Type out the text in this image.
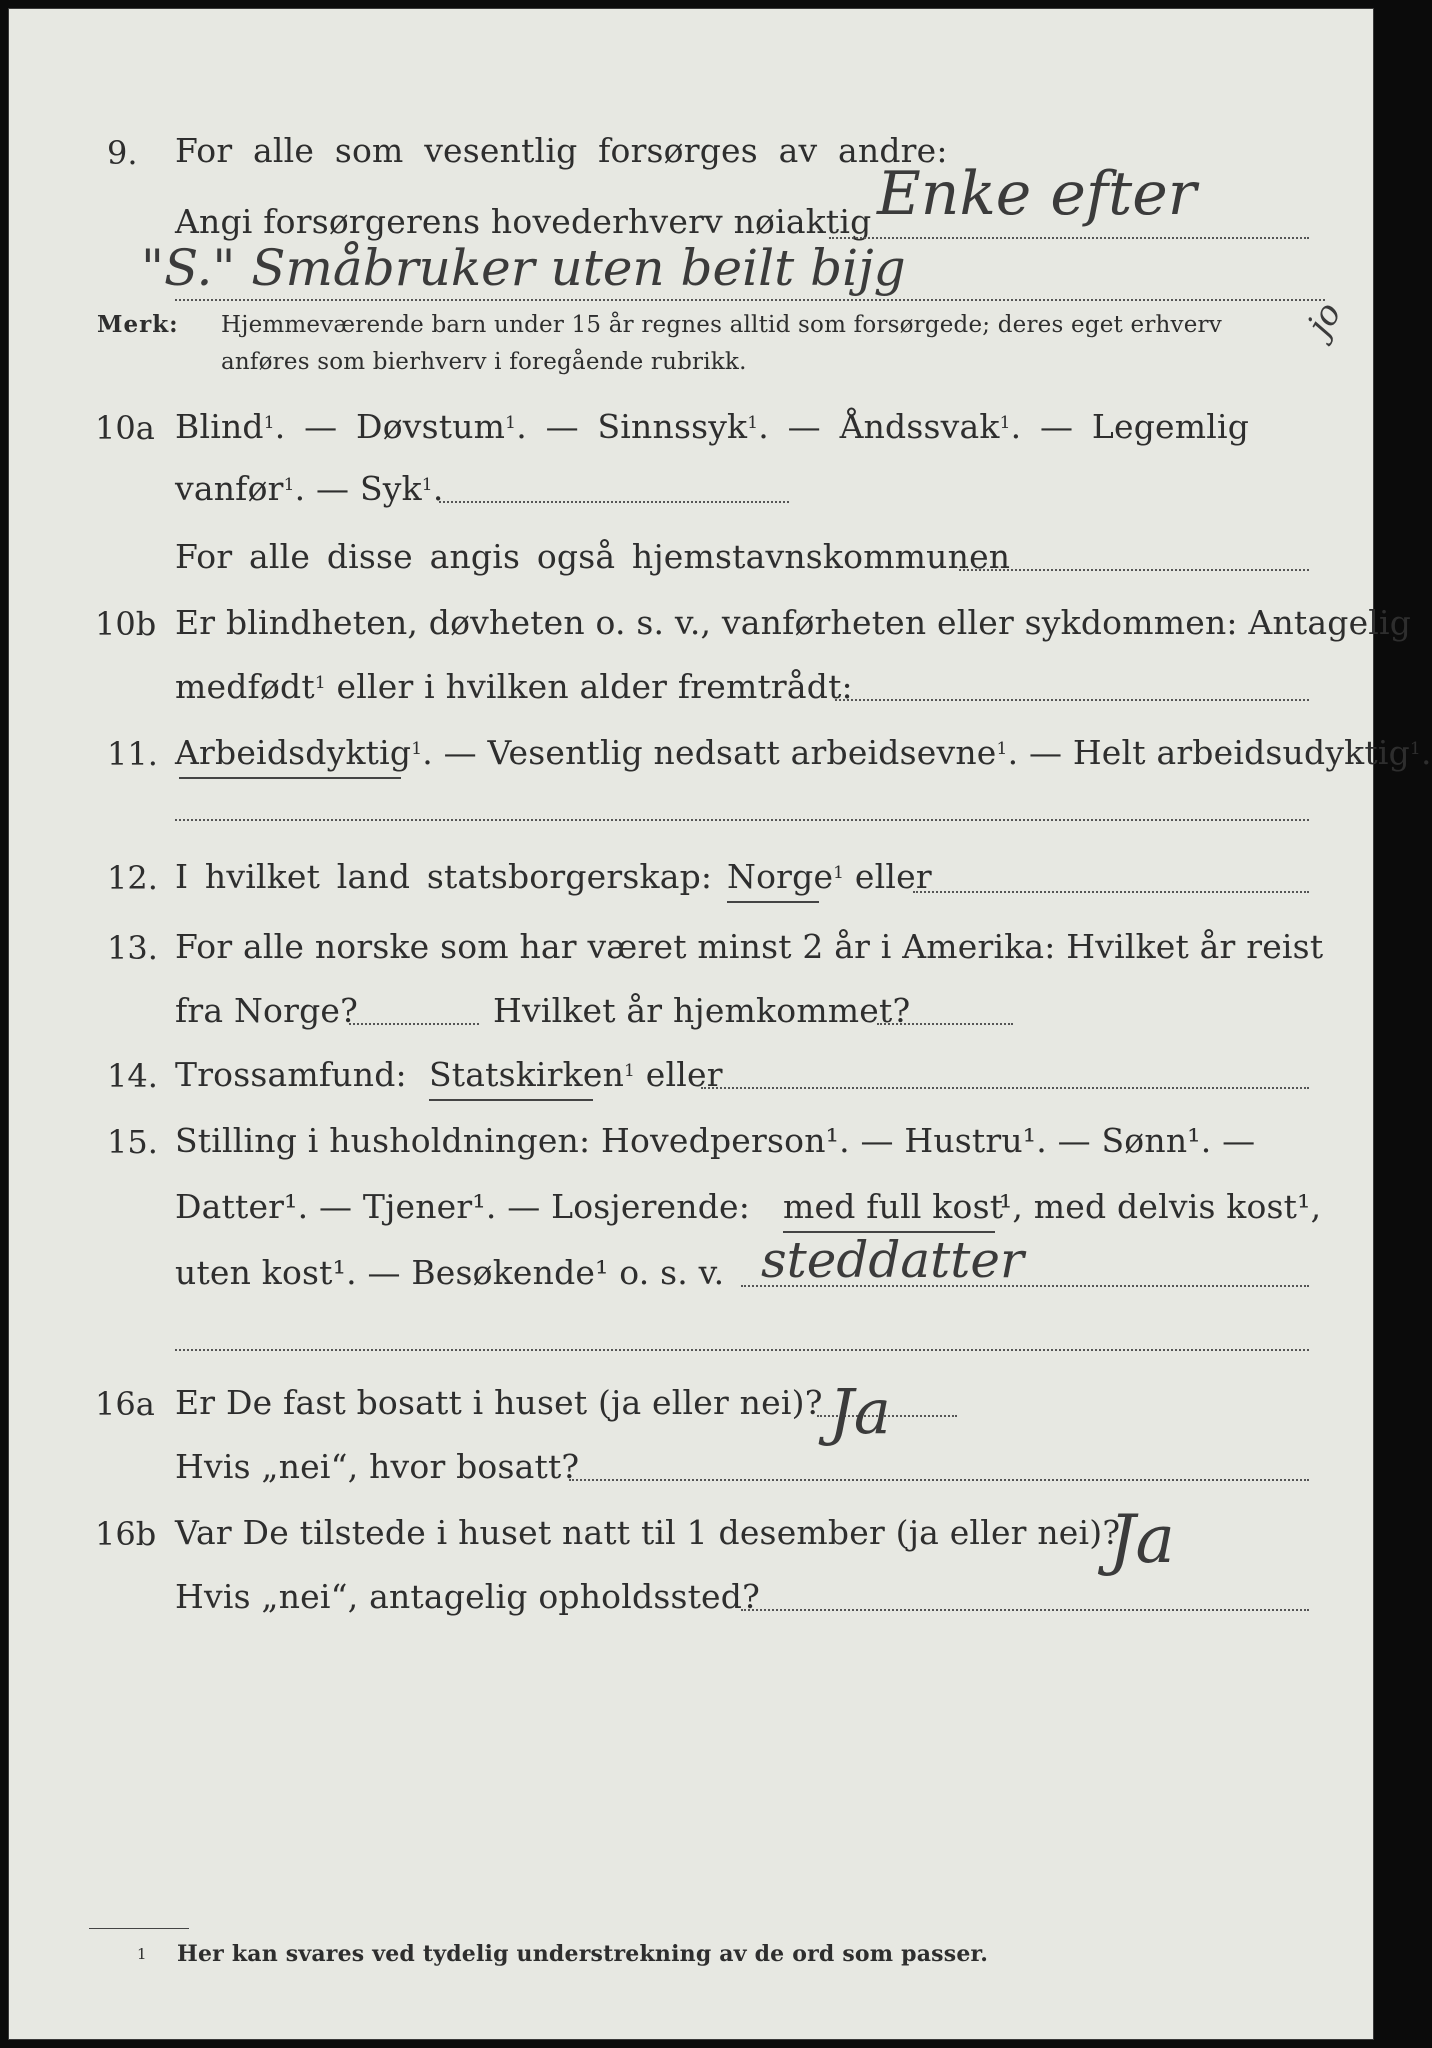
9. For alle som vesentlig forsørges av andre:
Enke efter
Angi forsørgerens hovederhverv nøiaktig
"S." Småbruker uten beilt bijg
jo
Merk: Hjemmeværende barn under 15 år regnes alltid som forsørgede; deres eget erhverv
anføres som bierhverv i foregående rubrikk.
10a Blind$^1$. — Døvstum$^1$. — Sinnssyk$^1$. — Åndssvak$^1$. — Legemlig
vanfør$^1$. — Syk$^1$.
For alle disse angis også hjemstavnskommunen
10b Er blindheten, døvheten o. s. v., vanførheten eller sykdommen: Antagelig
medfødt$^1$ eller i hvilken alder fremtrådt:
11. Arbeidsdyktig$^1$. — Vesentlig nedsatt arbeidsevne$^1$. — Helt arbeidsudyktig$^1$.
12. I hvilket land statsborgerskap: Norge$^1$ eller
13. For alle norske som har været minst 2 år i Amerika: Hvilket år reist
fra Norge?	Hvilket år hjemkommet?
14. Trossamfund: Statskirken$^1$ eller
15. Stilling i husholdningen: Hovedperson¹. — Hustru¹. — Sønn¹. —
Datter¹. — Tjener¹. — Losjerende: med full kost
¹, med delvis kost¹,
uten kost¹. — Besøkende¹ o. s. v. steddatter
16a Er De fast bosatt i huset (ja eller nei)? Ja
Hvis „nei“, hvor bosatt?
16b Var De tilstede i huset natt til 1 desember (ja eller nei)?
Ja
Hvis „nei“, antagelig opholdssted?
1 Her kan svares ved tydelig understrekning av de ord som passer.
